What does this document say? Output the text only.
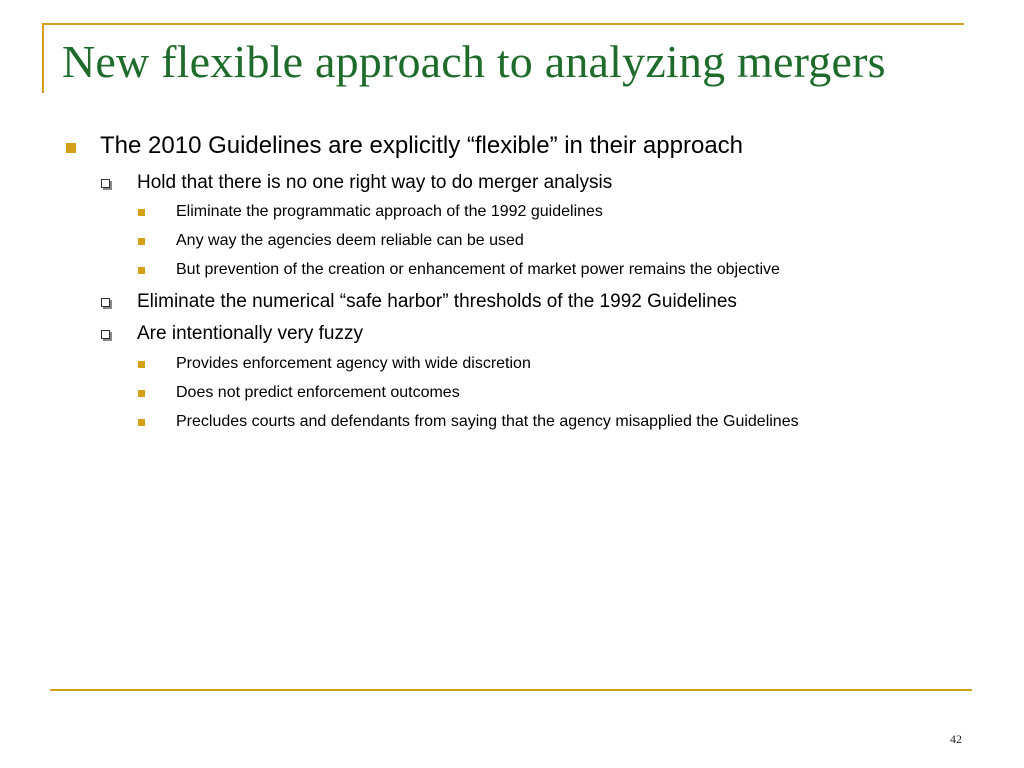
New flexible approach to analyzing mergers
The 2010 Guidelines are explicitly “flexible” in their approach
Hold that there is no one right way to do merger analysis
Eliminate the programmatic approach of the 1992 guidelines
Any way the agencies deem reliable can be used
But prevention of the creation or enhancement of market power remains the objective
Eliminate the numerical “safe harbor” thresholds of the 1992 Guidelines
Are intentionally very fuzzy
Provides enforcement agency with wide discretion
Does not predict enforcement outcomes
Precludes courts and defendants from saying that the agency misapplied the Guidelines
42
